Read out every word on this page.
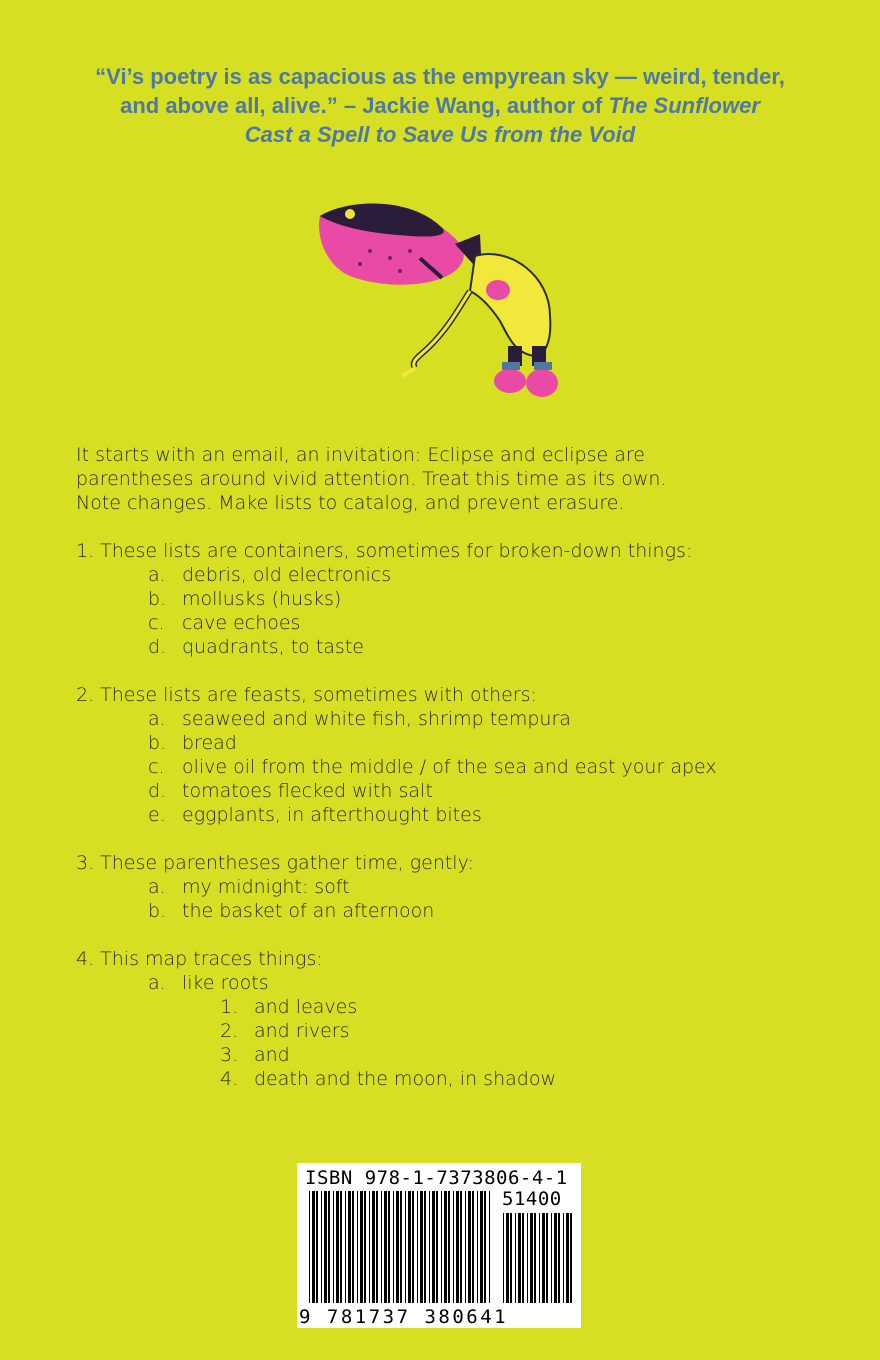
“Vi’s poetry is as capacious as the empyrean sky — weird, tender,
and above all, alive.” – Jackie Wang, author of The Sunflower
Cast a Spell to Save Us from the Void
It starts with an email, an invitation: Eclipse and eclipse are
parentheses around vivid attention. Treat this time as its own.
Note changes. Make lists to catalog, and prevent erasure.
1. These lists are containers, sometimes for broken-down things:
a. debris, old electronics
b. mollusks (husks)
c. cave echoes
d. quadrants, to taste
2. These lists are feasts, sometimes with others:
a. seaweed and white fish, shrimp tempura
b. bread
c. olive oil from the middle / of the sea and east your apex
d. tomatoes flecked with salt
e. eggplants, in afterthought bites
3. These parentheses gather time, gently:
a. my midnight: soft
b. the basket of an afternoon
4. This map traces things:
a. like roots
1. and leaves
2. and rivers
3. and
4. death and the moon, in shadow
ISBN 978-1-7373806-4-1
51400
9 781737 380641
